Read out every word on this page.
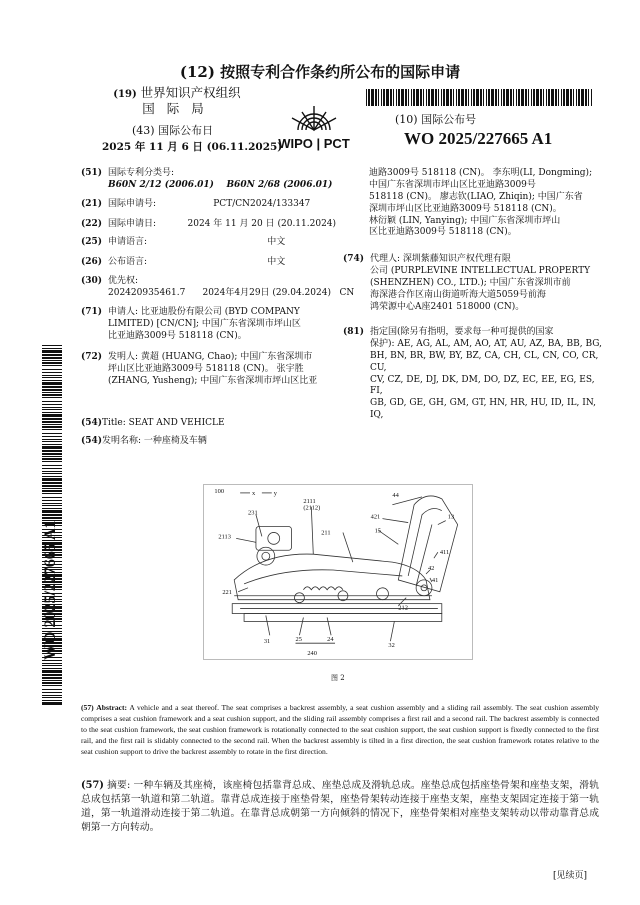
(12) 按照专利合作条约所公布的国际申请
(19) 世界知识产权组织
国 际 局
(43) 国际公布日
2025 年 11 月 6 日 (06.11.2025)
WIPO | PCT
(10) 国际公布号
WO 2025/227665 A1
WO 2025/227665 A1
(51) 国际专利分类号:
B60N 2/12 (2006.01)    B60N 2/68 (2006.01)
(21) 国际申请号:                    PCT/CN2024/133347
(22) 国际申请日:           2024 年 11 月 20 日 (20.11.2024)
(25) 申请语言:                                          中文
(26) 公布语言:                                          中文
(30) 优先权:
202420935461.7      2024年4月29日 (29.04.2024)   CN
(71) 申请人: 比亚迪股份有限公司 (BYD COMPANY
LIMITED) [CN/CN]; 中国广东省深圳市坪山区
比亚迪路3009号 518118 (CN)。
(72) 发明人: 黄超 (HUANG, Chao); 中国广东省深圳市
坪山区比亚迪路3009号 518118 (CN)。 张宇胜
(ZHANG, Yusheng); 中国广东省深圳市坪山区比亚
迪路3009号 518118 (CN)。 李东明(LI, Dongming);
中国广东省深圳市坪山区比亚迪路3009号
518118 (CN)。 廖志钦(LIAO, Zhiqin); 中国广东省
深圳市坪山区比亚迪路3009号 518118 (CN)。
林衍颖 (LIN, Yanying); 中国广东省深圳市坪山
区比亚迪路3009号 518118 (CN)。
(74) 代理人: 深圳紫藤知识产权代理有限
公司 (PURPLEVINE INTELLECTUAL PROPERTY
(SHENZHEN) CO., LTD.); 中国广东省深圳市前
海深港合作区南山街道听海大道5059号前海
鸿荣源中心A座2401 518000 (CN)。
(81) 指定国(除另有指明，要求每一种可提供的国家
保护): AE, AG, AL, AM, AO, AT, AU, AZ, BA, BB, BG,
BH, BN, BR, BW, BY, BZ, CA, CH, CL, CN, CO, CR, CU,
CV, CZ, DE, DJ, DK, DM, DO, DZ, EC, EE, EG, ES, FI,
GB, GD, GE, GH, GM, GT, HN, HR, HU, ID, IL, IN, IQ,
(54) Title: SEAT AND VEHICLE
(54) 发明名称: 一种座椅及车辆
100	x	y	44
2111
(2112)
231
421	13
2113
211	15
411
42
41
221
212
31	25	24
32
240
图 2
(57) Abstract: A vehicle and a seat thereof. The seat comprises a backrest assembly, a seat cushion assembly and a sliding rail assembly. The seat cushion assembly comprises a seat cushion framework and a seat cushion support, and the sliding rail assembly comprises a first rail and a second rail. The backrest assembly is connected to the seat cushion framework, the seat cushion framework is rotationally connected to the seat cushion support, the seat cushion support is fixedly connected to the first rail, and the first rail is slidably connected to the second rail. When the backrest assembly is tilted in a first direction, the seat cushion framework rotates relative to the seat cushion support to drive the backrest assembly to rotate in the first direction.
(57) 摘要: 一种车辆及其座椅，该座椅包括靠背总成、座垫总成及滑轨总成。座垫总成包括座垫骨架和座垫支架，滑轨总成包括第一轨道和第二轨道。靠背总成连接于座垫骨架，座垫骨架转动连接于座垫支架，座垫支架固定连接于第一轨道，第一轨道滑动连接于第二轨道。在靠背总成朝第一方向倾斜的情况下，座垫骨架相对座垫支架转动以带动靠背总成朝第一方向转动。
[见续页]
